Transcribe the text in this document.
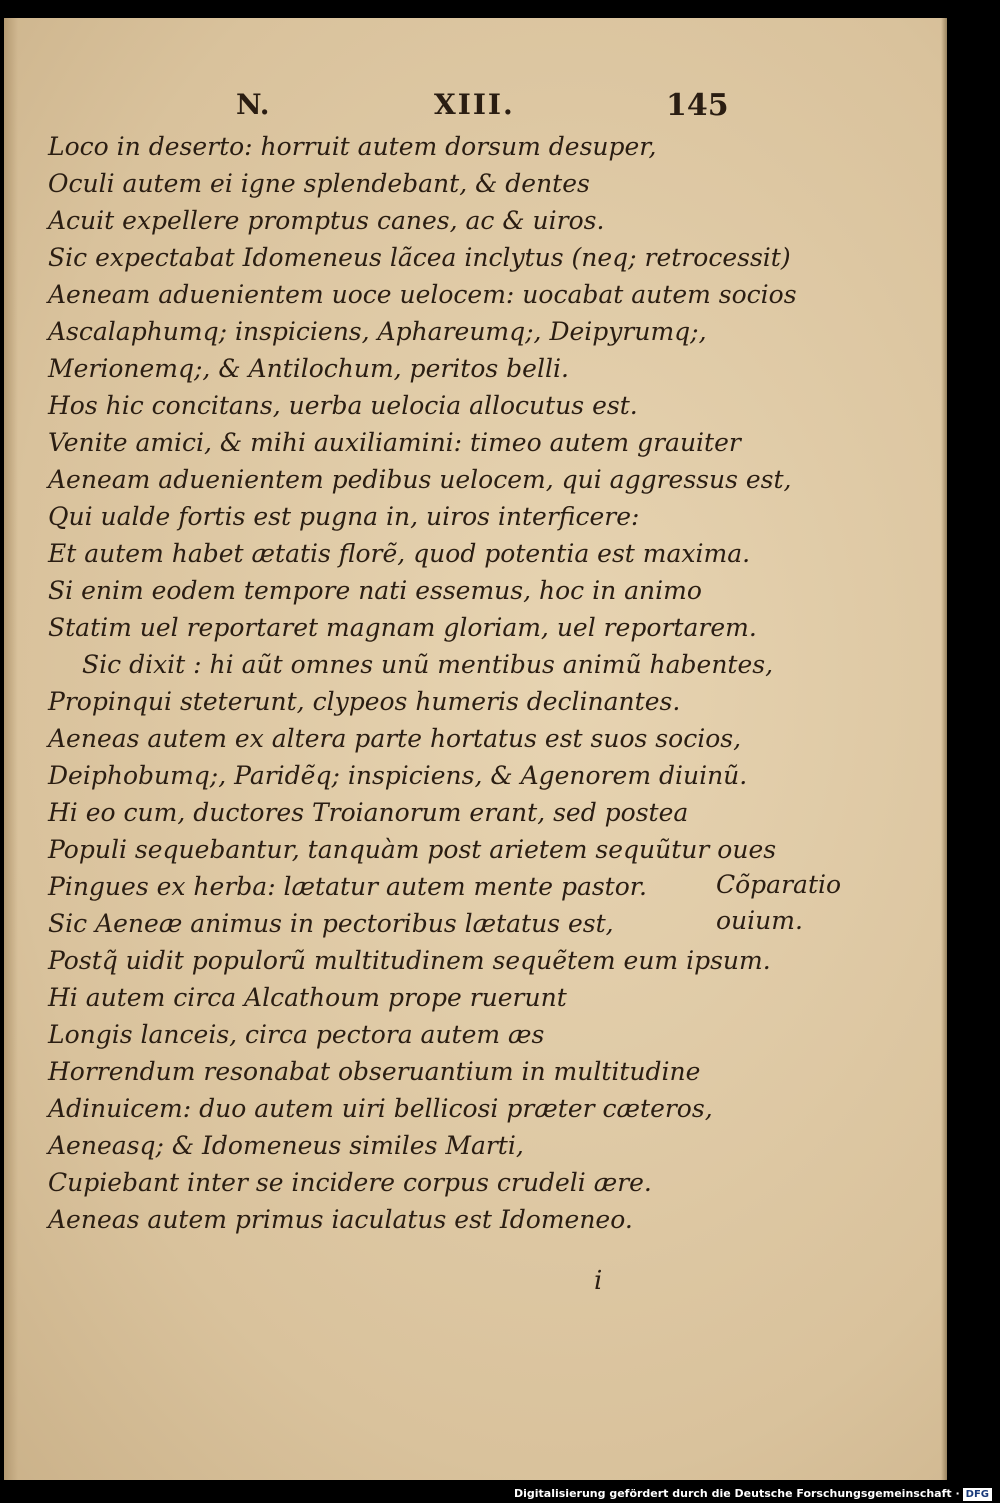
N.	XIII.	145
Loco in deserto: horruit autem dorsum desuper,
Oculi autem ei igne splendebant, & dentes
Acuit expellere promptus canes, ac & uiros.
Sic expectabat Idomeneus lãcea inclytus (neq; retrocessit)
Aeneam aduenientem uoce uelocem: uocabat autem socios
Ascalaphumq; inspiciens, Aphareumq;, Deipyrumq;,
Merionemq;, & Antilochum, peritos belli.
Hos hic concitans, uerba uelocia allocutus est.
Venite amici, & mihi auxiliamini: timeo autem grauiter
Aeneam aduenientem pedibus uelocem, qui aggressus est,
Qui ualde fortis est pugna in, uiros interficere:
Et autem habet ætatis florẽ, quod potentia est maxima.
Si enim eodem tempore nati essemus, hoc in animo
Statim uel reportaret magnam gloriam, uel reportarem.
Sic dixit : hi aũt omnes unũ mentibus animũ habentes,
Propinqui steterunt, clypeos humeris declinantes.
Aeneas autem ex altera parte hortatus est suos socios,
Deiphobumq;, Paridẽq; inspiciens, & Agenorem diuinũ.
Hi eo cum, ductores Troianorum erant, sed postea
Populi sequebantur, tanquàm post arietem sequũtur oues
Pingues ex herba: lætatur autem mente pastor.
Sic Aeneæ animus in pectoribus lætatus est,
Postq̃ uidit populorũ multitudinem sequẽtem eum ipsum.
Hi autem circa Alcathoum prope ruerunt
Longis lanceis, circa pectora autem æs
Horrendum resonabat obseruantium in multitudine
Adinuicem: duo autem uiri bellicosi præter cæteros,
Aeneasq; & Idomeneus similes Marti,
Cupiebant inter se incidere corpus crudeli ære.
Aeneas autem primus iaculatus est Idomeneo.
Cõparatio
ouium.
i
Digitalisierung gefördert durch die Deutsche Forschungsgemeinschaft · DFG
